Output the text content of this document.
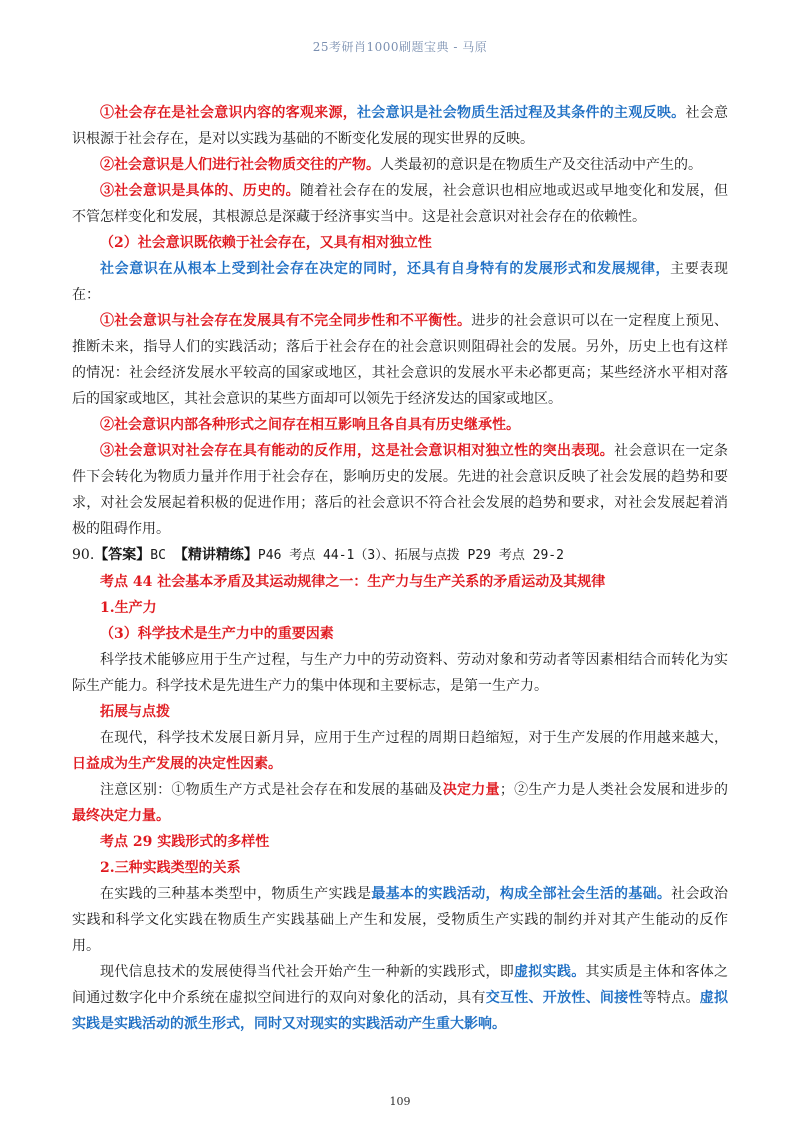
25考研肖1000刷题宝典 - 马原

①社会存在是社会意识内容的客观来源，社会意识是社会物质生活过程及其条件的主观反映。社会意识根源于社会存在，是对以实践为基础的不断变化发展的现实世界的反映。

②社会意识是人们进行社会物质交往的产物。人类最初的意识是在物质生产及交往活动中产生的。

③社会意识是具体的、历史的。随着社会存在的发展，社会意识也相应地或迟或早地变化和发展，但不管怎样变化和发展，其根源总是深藏于经济事实当中。这是社会意识对社会存在的依赖性。

（2）社会意识既依赖于社会存在，又具有相对独立性

社会意识在从根本上受到社会存在决定的同时，还具有自身特有的发展形式和发展规律，主要表现在：

①社会意识与社会存在发展具有不完全同步性和不平衡性。进步的社会意识可以在一定程度上预见、推断未来，指导人们的实践活动；落后于社会存在的社会意识则阻碍社会的发展。另外，历史上也有这样的情况：社会经济发展水平较高的国家或地区，其社会意识的发展水平未必都更高；某些经济水平相对落后的国家或地区，其社会意识的某些方面却可以领先于经济发达的国家或地区。

②社会意识内部各种形式之间存在相互影响且各自具有历史继承性。

③社会意识对社会存在具有能动的反作用，这是社会意识相对独立性的突出表现。社会意识在一定条件下会转化为物质力量并作用于社会存在，影响历史的发展。先进的社会意识反映了社会发展的趋势和要求，对社会发展起着积极的促进作用；落后的社会意识不符合社会发展的趋势和要求，对社会发展起着消极的阻碍作用。

90.【答案】BC 【精讲精练】P46 考点 44-1（3）、拓展与点拨 P29 考点 29-2

考点 44 社会基本矛盾及其运动规律之一：生产力与生产关系的矛盾运动及其规律

1.生产力

（3）科学技术是生产力中的重要因素

科学技术能够应用于生产过程，与生产力中的劳动资料、劳动对象和劳动者等因素相结合而转化为实际生产能力。科学技术是先进生产力的集中体现和主要标志，是第一生产力。

拓展与点拨

在现代，科学技术发展日新月异，应用于生产过程的周期日趋缩短，对于生产发展的作用越来越大，日益成为生产发展的决定性因素。

注意区别：①物质生产方式是社会存在和发展的基础及决定力量；②生产力是人类社会发展和进步的最终决定力量。

考点 29 实践形式的多样性

2.三种实践类型的关系

在实践的三种基本类型中，物质生产实践是最基本的实践活动，构成全部社会生活的基础。社会政治实践和科学文化实践在物质生产实践基础上产生和发展，受物质生产实践的制约并对其产生能动的反作用。

现代信息技术的发展使得当代社会开始产生一种新的实践形式，即虚拟实践。其实质是主体和客体之间通过数字化中介系统在虚拟空间进行的双向对象化的活动，具有交互性、开放性、间接性等特点。虚拟实践是实践活动的派生形式，同时又对现实的实践活动产生重大影响。

109
